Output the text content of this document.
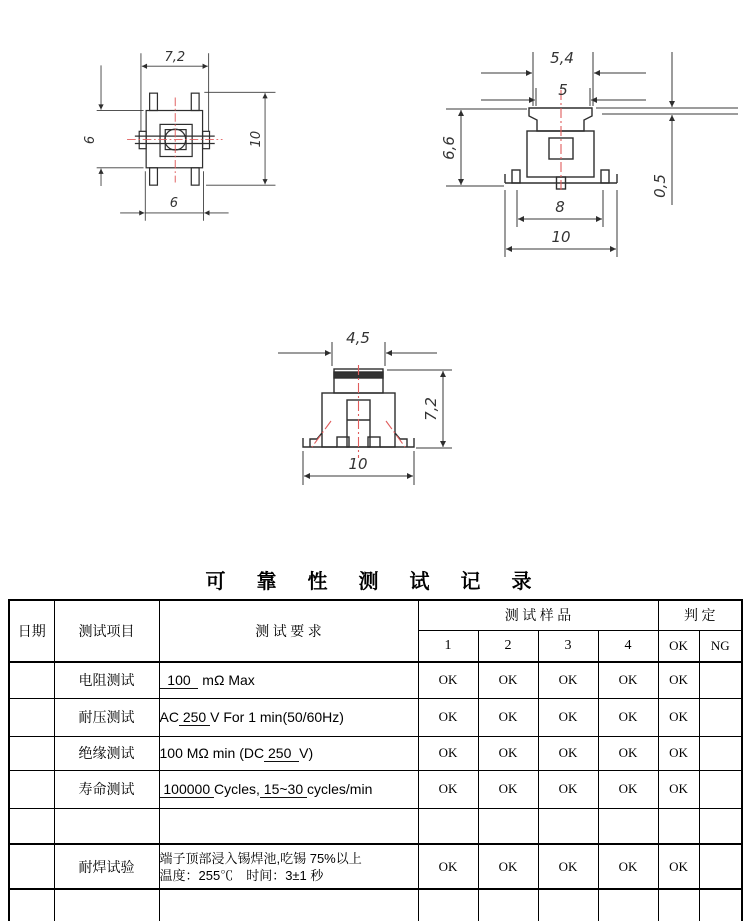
7,2
6	10
6
5,4
5
6,6
0,5
8
10
4,5
7,2
10
可 靠 性 测 试 记 录
日期	测试项目	测 试 要 求	测 试 样 品				判 定	
			1	2	3	4	OK	NG
	电阻测试	100   mΩ Max	OK	OK	OK	OK	OK	
	耐压测试	AC 250 V For 1 min(50/60Hz)	OK	OK	OK	OK	OK	
	绝缘测试	100 MΩ min (DC 250  V)	OK	OK	OK	OK	OK	
	寿命测试	100000 Cycles, 15~30 cycles/min	OK	OK	OK	OK	OK	

	耐焊试验	端子顶部浸入锡焊池,吃锡 75%以上
温度：255℃　时间：3±1 秒	OK	OK	OK	OK	OK	
